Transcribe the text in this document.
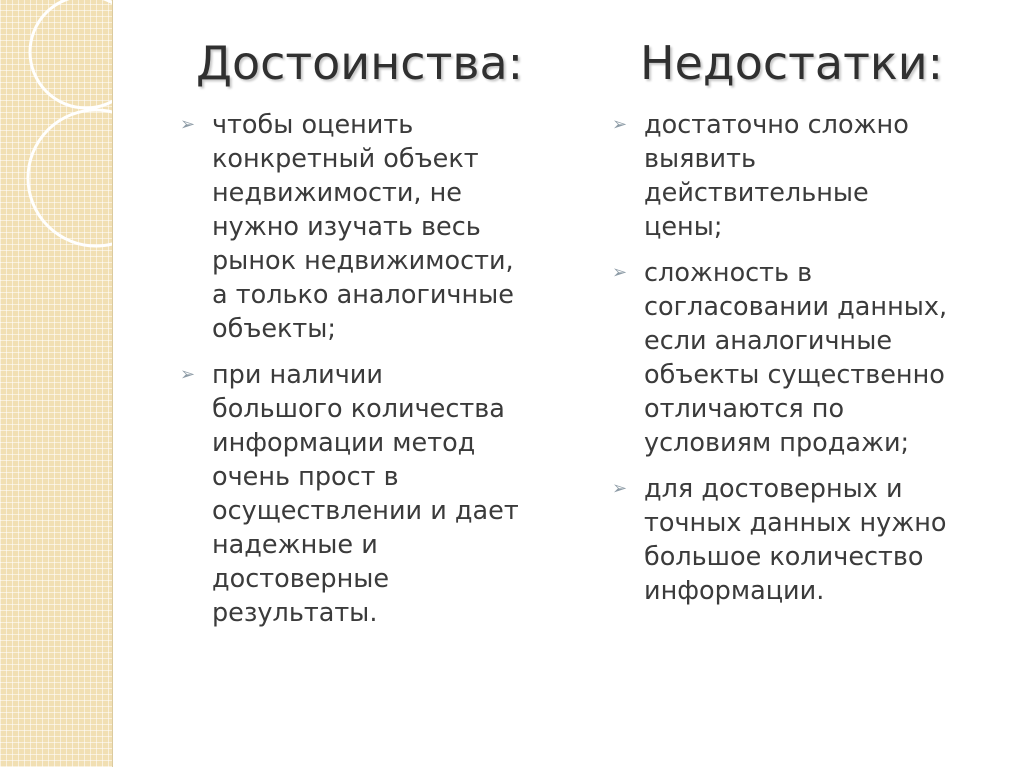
Достоинства:	Недостатки:
➢ чтобы оценить
конкретный объект
недвижимости, не
нужно изучать весь
рынок недвижимости,
а только аналогичные
объекты;
➢ при наличии
большого количества
информации метод
очень прост в
осуществлении и дает
надежные и
достоверные
результаты.
➢ достаточно сложно
выявить
действительные
цены;
➢ сложность в
согласовании данных,
если аналогичные
объекты существенно
отличаются по
условиям продажи;
➢ для достоверных и
точных данных нужно
большое количество
информации.
